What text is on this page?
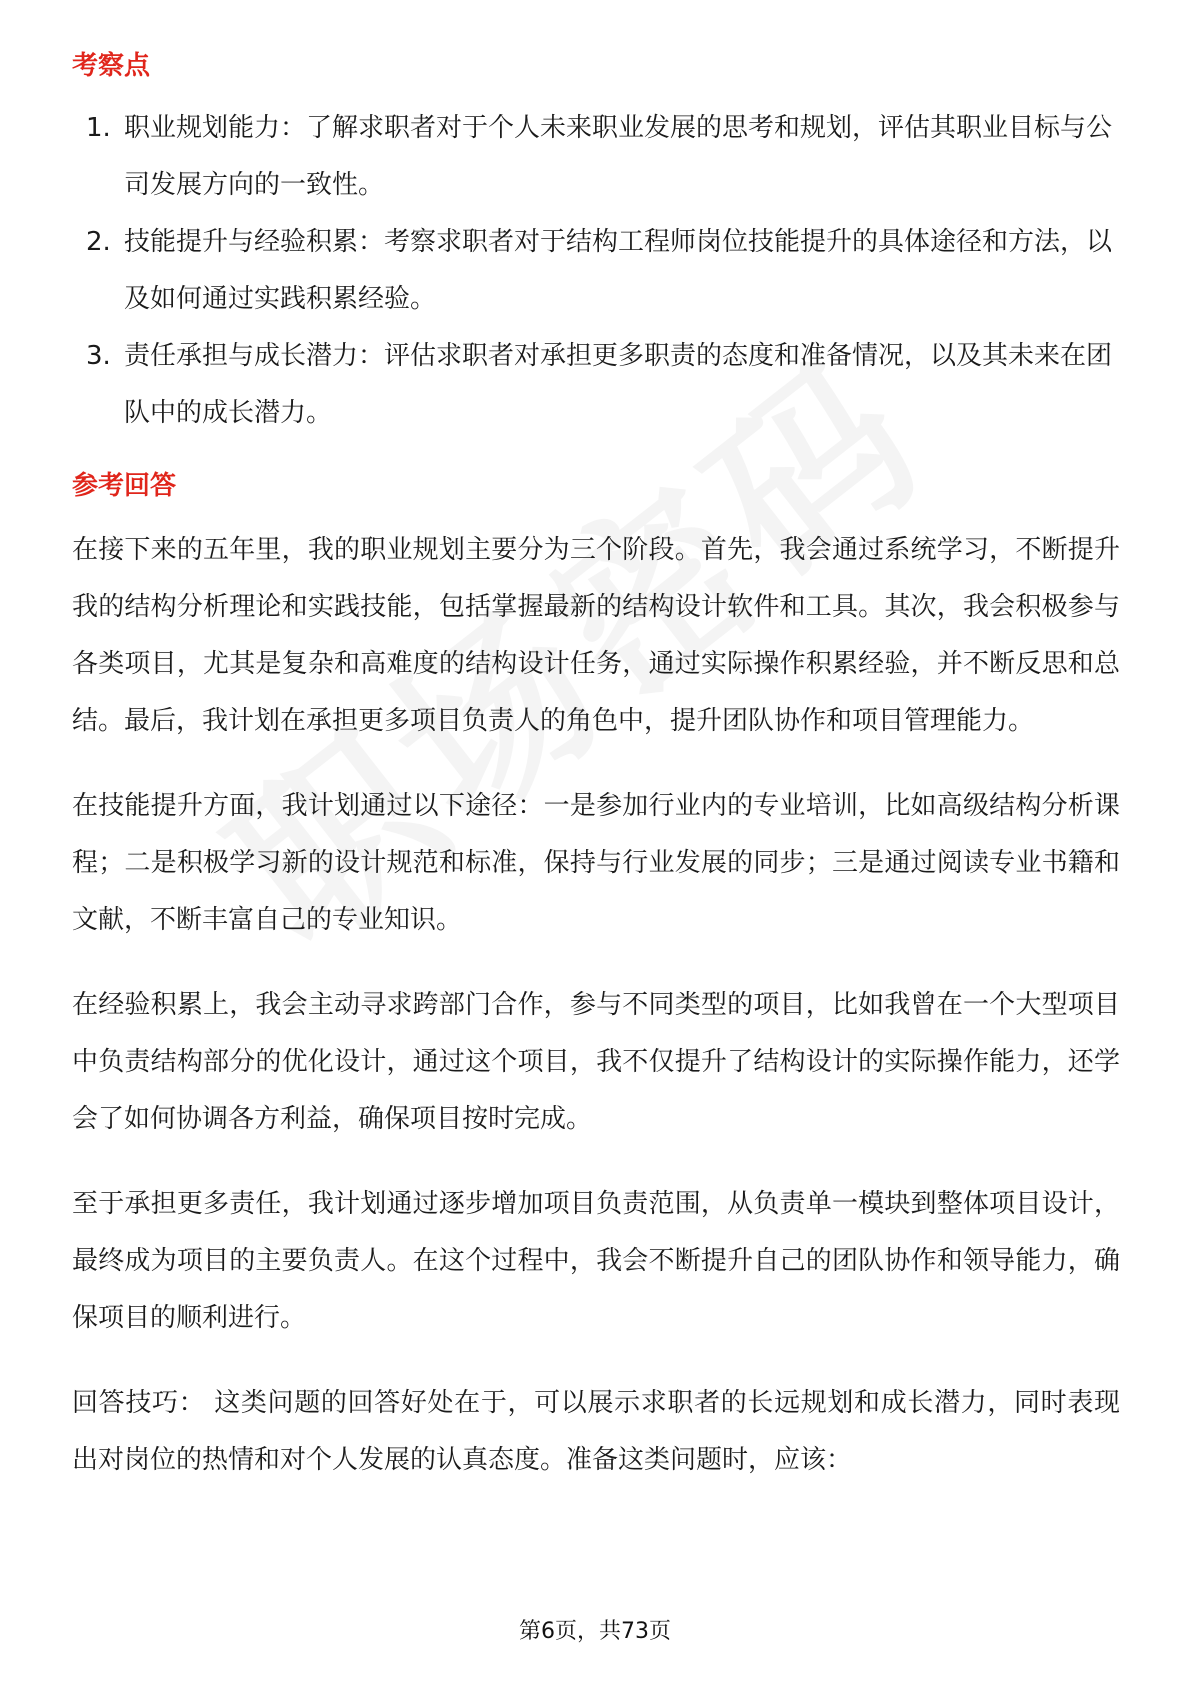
考察点
1. 职业规划能力：了解求职者对于个人未来职业发展的思考和规划，评估其职业目标与公司发展方向的一致性。
2. 技能提升与经验积累：考察求职者对于结构工程师岗位技能提升的具体途径和方法，以及如何通过实践积累经验。
3. 责任承担与成长潜力：评估求职者对承担更多职责的态度和准备情况，以及其未来在团队中的成长潜力。
参考回答

在接下来的五年里，我的职业规划主要分为三个阶段。首先，我会通过系统学习，不断提升我的结构分析理论和实践技能，包括掌握最新的结构设计软件和工具。其次，我会积极参与各类项目，尤其是复杂和高难度的结构设计任务，通过实际操作积累经验，并不断反思和总结。最后，我计划在承担更多项目负责人的角色中，提升团队协作和项目管理能力。

在技能提升方面，我计划通过以下途径：一是参加行业内的专业培训，比如高级结构分析课程；二是积极学习新的设计规范和标准，保持与行业发展的同步；三是通过阅读专业书籍和文献，不断丰富自己的专业知识。

在经验积累上，我会主动寻求跨部门合作，参与不同类型的项目，比如我曾在一个大型项目中负责结构部分的优化设计，通过这个项目，我不仅提升了结构设计的实际操作能力，还学会了如何协调各方利益，确保项目按时完成。

至于承担更多责任，我计划通过逐步增加项目负责范围，从负责单一模块到整体项目设计，最终成为项目的主要负责人。在这个过程中，我会不断提升自己的团队协作和领导能力，确保项目的顺利进行。

回答技巧： 这类问题的回答好处在于，可以展示求职者的长远规划和成长潜力，同时表现出对岗位的热情和对个人发展的认真态度。准备这类问题时，应该：

第6页，共73页
